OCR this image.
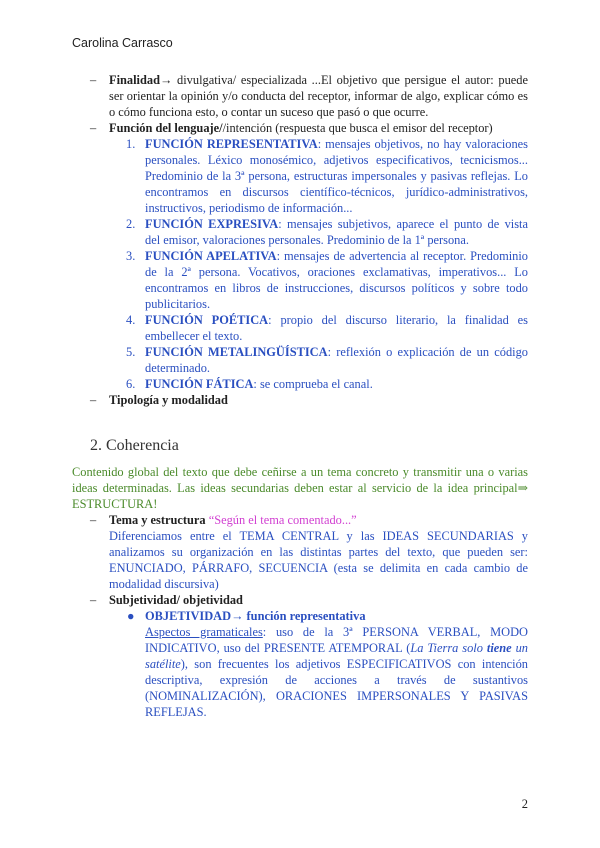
Carolina Carrasco
– Finalidad→ divulgativa/ especializada ...El objetivo que persigue el autor: puede ser orientar la opinión y/o conducta del receptor, informar de algo, explicar cómo es o cómo funciona esto, o contar un suceso que pasó o que ocurre.
– Función del lenguaje//intención (respuesta que busca el emisor del receptor)
1. FUNCIÓN REPRESENTATIVA: mensajes objetivos, no hay valoraciones personales. Léxico monosémico, adjetivos especificativos, tecnicismos... Predominio de la 3ª persona, estructuras impersonales y pasivas reflejas. Lo encontramos en discursos científico-técnicos, jurídico-administrativos, instructivos, periodismo de información...
2. FUNCIÓN EXPRESIVA: mensajes subjetivos, aparece el punto de vista del emisor, valoraciones personales. Predominio de la 1ª persona.
3. FUNCIÓN APELATIVA: mensajes de advertencia al receptor. Predominio de la 2ª persona. Vocativos, oraciones exclamativas, imperativos... Lo encontramos en libros de instrucciones, discursos políticos y sobre todo publicitarios.
4. FUNCIÓN POÉTICA: propio del discurso literario, la finalidad es embellecer el texto.
5. FUNCIÓN METALINGÜÍSTICA: reflexión o explicación de un código determinado.
6. FUNCIÓN FÁTICA: se comprueba el canal.
– Tipología y modalidad
2. Coherencia
Contenido global del texto que debe ceñirse a un tema concreto y transmitir una o varias ideas determinadas. Las ideas secundarias deben estar al servicio de la idea principal⇒ ESTRUCTURA!
– Tema y estructura “Según el tema comentado...”
Diferenciamos entre el TEMA CENTRAL y las IDEAS SECUNDARIAS y analizamos su organización en las distintas partes del texto, que pueden ser: ENUNCIADO, PÁRRAFO, SECUENCIA (esta se delimita en cada cambio de modalidad discursiva)
– Subjetividad/ objetividad
● OBJETIVIDAD→ función representativa
Aspectos gramaticales: uso de la 3ª PERSONA VERBAL, MODO INDICATIVO, uso del PRESENTE ATEMPORAL (La Tierra solo tiene un satélite), son frecuentes los adjetivos ESPECIFICATIVOS con intención descriptiva, expresión de acciones a través de sustantivos (NOMINALIZACIÓN), ORACIONES IMPERSONALES Y PASIVAS REFLEJAS.
2
